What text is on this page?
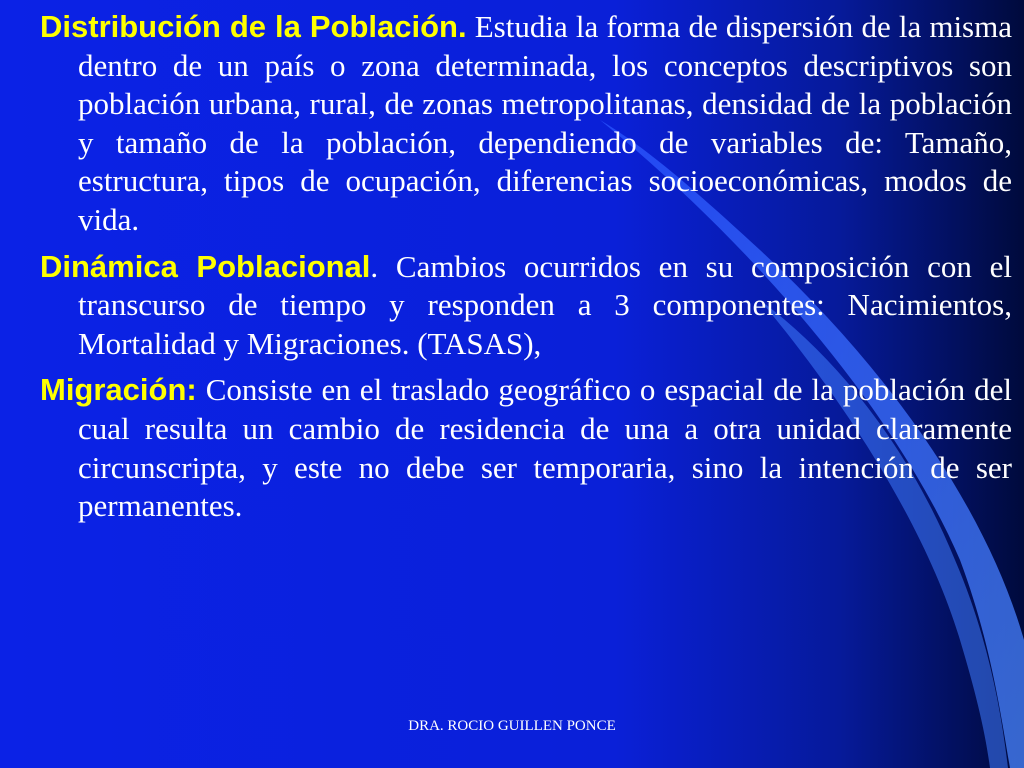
Distribución de la Población. Estudia la forma de dispersión de la misma dentro de un país o zona determinada, los conceptos descriptivos son población urbana, rural, de zonas metropolitanas, densidad de la población y tamaño de la población, dependiendo de variables de: Tamaño, estructura, tipos de ocupación, diferencias socioeconómicas, modos de vida.

Dinámica Poblacional. Cambios ocurridos en su composición con el transcurso de tiempo y responden a 3 componentes: Nacimientos, Mortalidad y Migraciones. (TASAS),

Migración: Consiste en el traslado geográfico o espacial de la población del cual resulta un cambio de residencia de una a otra unidad claramente circunscripta, y este no debe ser temporaria, sino la intención de ser permanentes.

DRA. ROCIO GUILLEN PONCE
